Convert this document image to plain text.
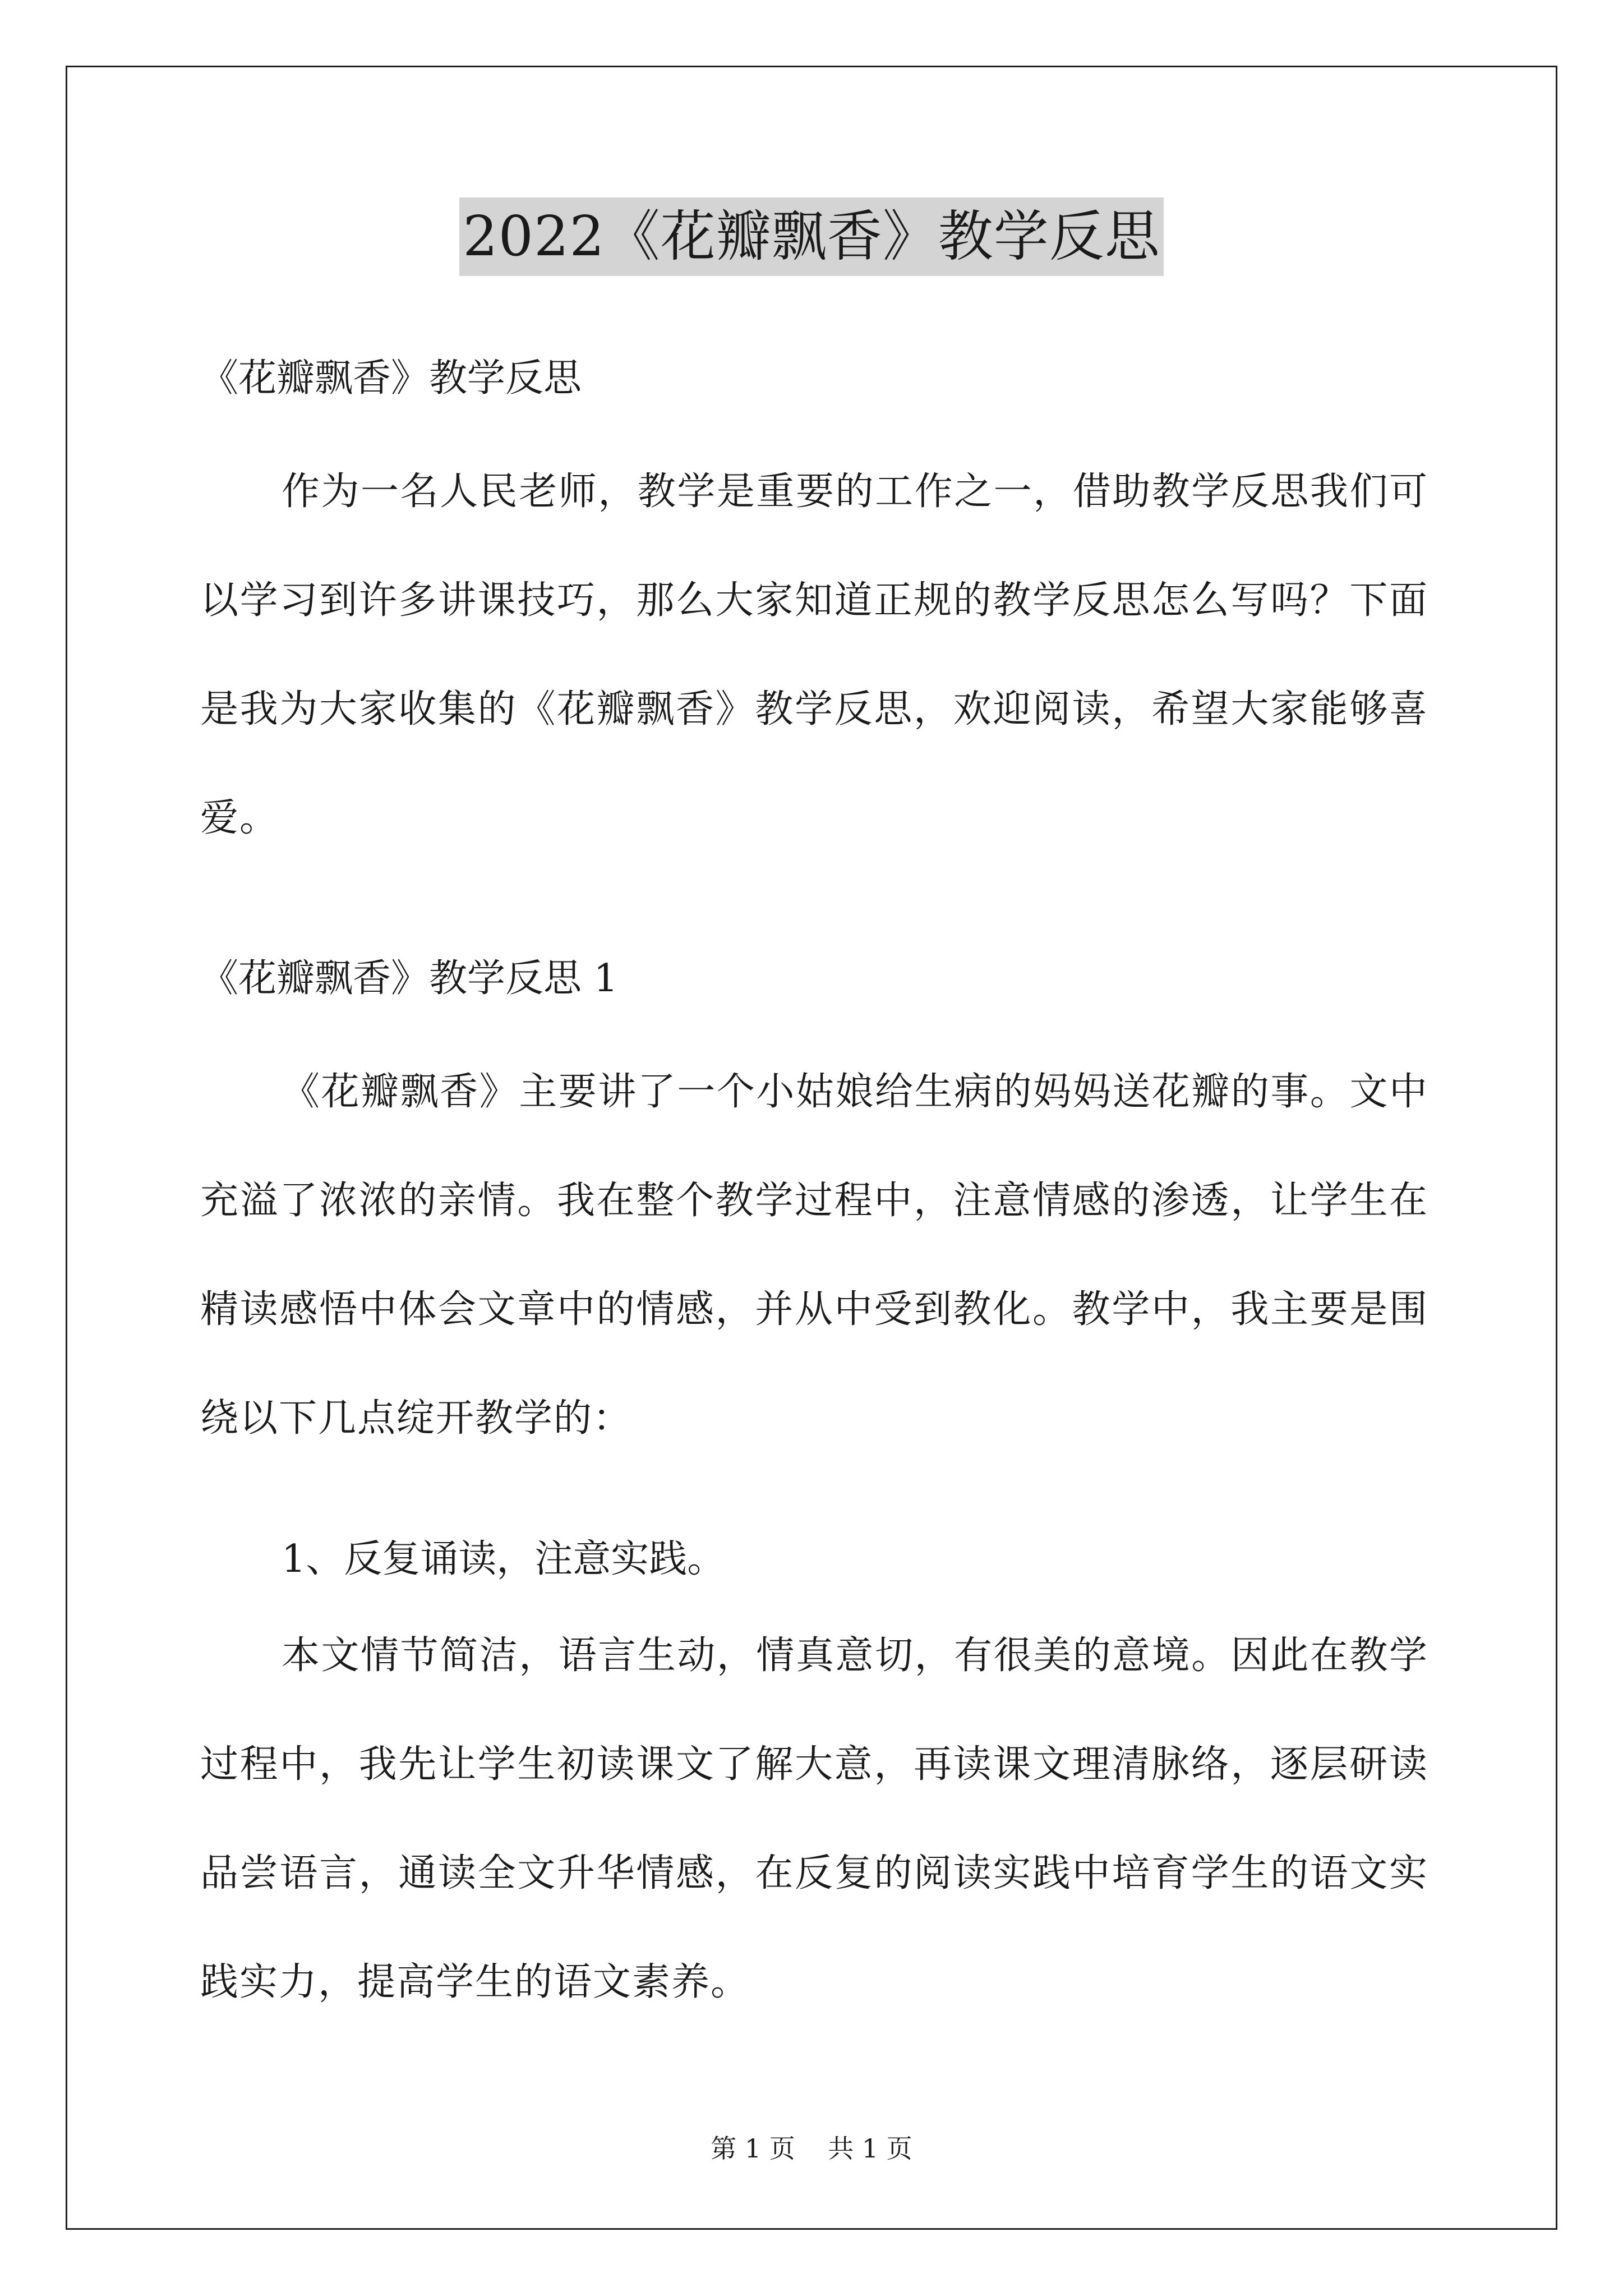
2022《花瓣飘香》教学反思
《花瓣飘香》教学反思

作为一名人民老师，教学是重要的工作之一，借助教学反思我们可以学习到许多讲课技巧，那么大家知道正规的教学反思怎么写吗？下面是我为大家收集的《花瓣飘香》教学反思，欢迎阅读，希望大家能够喜爱。

《花瓣飘香》教学反思 1

《花瓣飘香》主要讲了一个小姑娘给生病的妈妈送花瓣的事。文中充溢了浓浓的亲情。我在整个教学过程中，注意情感的渗透，让学生在精读感悟中体会文章中的情感，并从中受到教化。教学中，我主要是围绕以下几点绽开教学的：

1、反复诵读，注意实践。

本文情节简洁，语言生动，情真意切，有很美的意境。因此在教学过程中，我先让学生初读课文了解大意，再读课文理清脉络，逐层研读品尝语言，通读全文升华情感，在反复的阅读实践中培育学生的语文实践实力，提高学生的语文素养。

第 1 页    共 1 页
